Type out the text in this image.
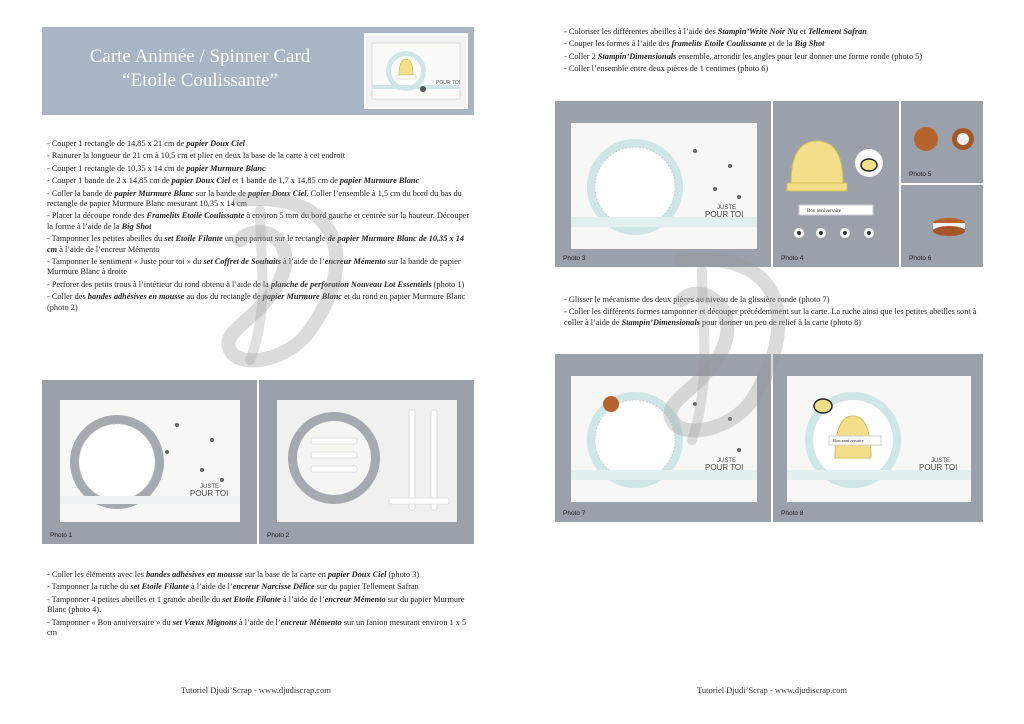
Carte Animée / Spinner Card
“Etoile Coulissante”	POUR TOI
- Couper 1 rectangle de 14,85 x 21 cm de papier Doux Ciel
- Rainurer la longueur de 21 cm à 10,5 cm et plier en deux la base de la carte à cet endroit
- Couper 1 rectangle de 10,35 x 14 cm de papier Murmure Blanc
- Couper 1 bande de 2 x 14,85 cm de papier Doux Ciel et 1 bande de 1,7 x 14,85 cm de papier Murmure Blanc
- Coller la bande de papier Murmure Blanc sur la bande de papier Doux Ciel. Coller l’ensemble à 1,5 cm du bord du bas du rectangle de papier Murmure Blanc mesurant 10,35 x 14 cm
- Placer la découpe ronde des Framelits Etoile Coulissante à environ 5 mm du bord gauche et centrée sur la hauteur. Découper la forme à l’aide de la Big Shot
- Tamponner les petites abeilles du set Etoile Filante un peu partout sur le rectangle de papier Murmure Blanc de 10,35 x 14 cm à l’aide de l’encreur Mémento
- Tamponner le sentiment « Juste pour toi » du set Coffret de Souhaits à l’aide de l’encreur Mémento sur la bande de papier Murmure Blanc à droite
- Perforer des petits trous à l’intérieur du rond obtenu à l’aide de la planche de perforation Nouveau Lot Essentiels (photo 1)
- Coller des bandes adhésives en mousse au dos du rectangle de papier Murmure Blanc et du rond en papier Murmure Blanc (photo 2)
JUSTE
POUR TOI
Photo 1	Photo 2
- Coller les éléments avec les bandes adhésives en mousse sur la base de la carte en papier Doux Ciel (photo 3)
- Tamponner la ruche du set Etoile Filante à l’aide de l’encreur Narcisse Délice sur du papier Tellement Safran
- Tamponner 4 petites abeilles et 1 grande abeille du set Etoile Filante à l’aide de l’encreur Mémento sur du papier Murmure Blanc (photo 4).
- Tamponner « Bon anniversaire » du set Vœux Mignons à l’aide de l’encreur Mémento sur un fanion mesurant environ 1 x 5 cm
Tutoriel Djudi’Scrap - www.djudiscrap.com
- Coloriser les différentes abeilles à l’aide des Stampin’Write Noir Nu et Tellement Safran
- Couper les formes à l’aide des framelits Etoile Coulissante et de la Big Shot
- Coller 2 Stampin’Dimensionals ensemble, arrondir les angles pour leur donner une forme ronde (photo 5)
- Coller l’ensemble entre deux pièces de 1 centimes (photo 6)
JUSTE
POUR TOI
Photo 3
Bon anniversaire
Photo 4
Photo 5
Photo 6
- Glisser le mécanisme des deux pièces au niveau de la glissière ronde (photo 7)
- Coller les différents formes tamponner et découper précédemment sur la carte. La ruche ainsi que les petites abeilles sont à coller à l’aide de Stampin’Dimensionals pour donner un peu de relief à la carte (photo 8)
JUSTE
POUR TOI
Photo 7
Bon anniversaire
JUSTE
POUR TOI
Photo 8
Tutoriel Djudi’Scrap - www.djudiscrap.com
